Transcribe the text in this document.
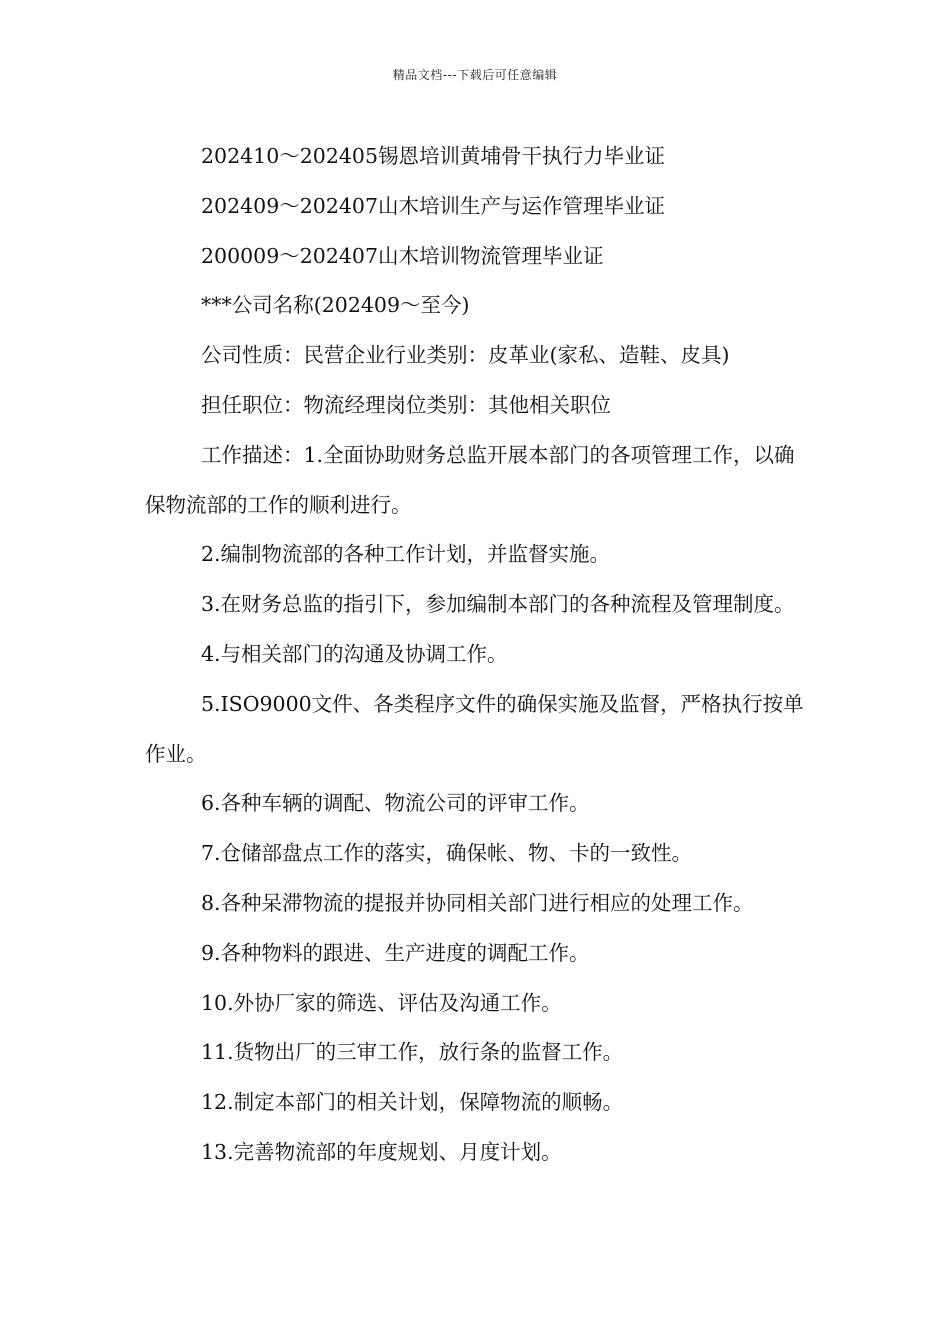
精品文档---下载后可任意编辑

202410～202405锡恩培训黄埔骨干执行力毕业证

202409～202407山木培训生产与运作管理毕业证

200009～202407山木培训物流管理毕业证

***公司名称(202409～至今)

公司性质：民营企业行业类别：皮革业(家私、造鞋、皮具)

担任职位：物流经理岗位类别：其他相关职位

工作描述：1.全面协助财务总监开展本部门的各项管理工作，以确保物流部的工作的顺利进行。

2.编制物流部的各种工作计划，并监督实施。

3.在财务总监的指引下，参加编制本部门的各种流程及管理制度。

4.与相关部门的沟通及协调工作。

5.ISO9000文件、各类程序文件的确保实施及监督，严格执行按单作业。

6.各种车辆的调配、物流公司的评审工作。

7.仓储部盘点工作的落实，确保帐、物、卡的一致性。

8.各种呆滞物流的提报并协同相关部门进行相应的处理工作。

9.各种物料的跟进、生产进度的调配工作。

10.外协厂家的筛选、评估及沟通工作。

11.货物出厂的三审工作，放行条的监督工作。

12.制定本部门的相关计划，保障物流的顺畅。

13.完善物流部的年度规划、月度计划。
